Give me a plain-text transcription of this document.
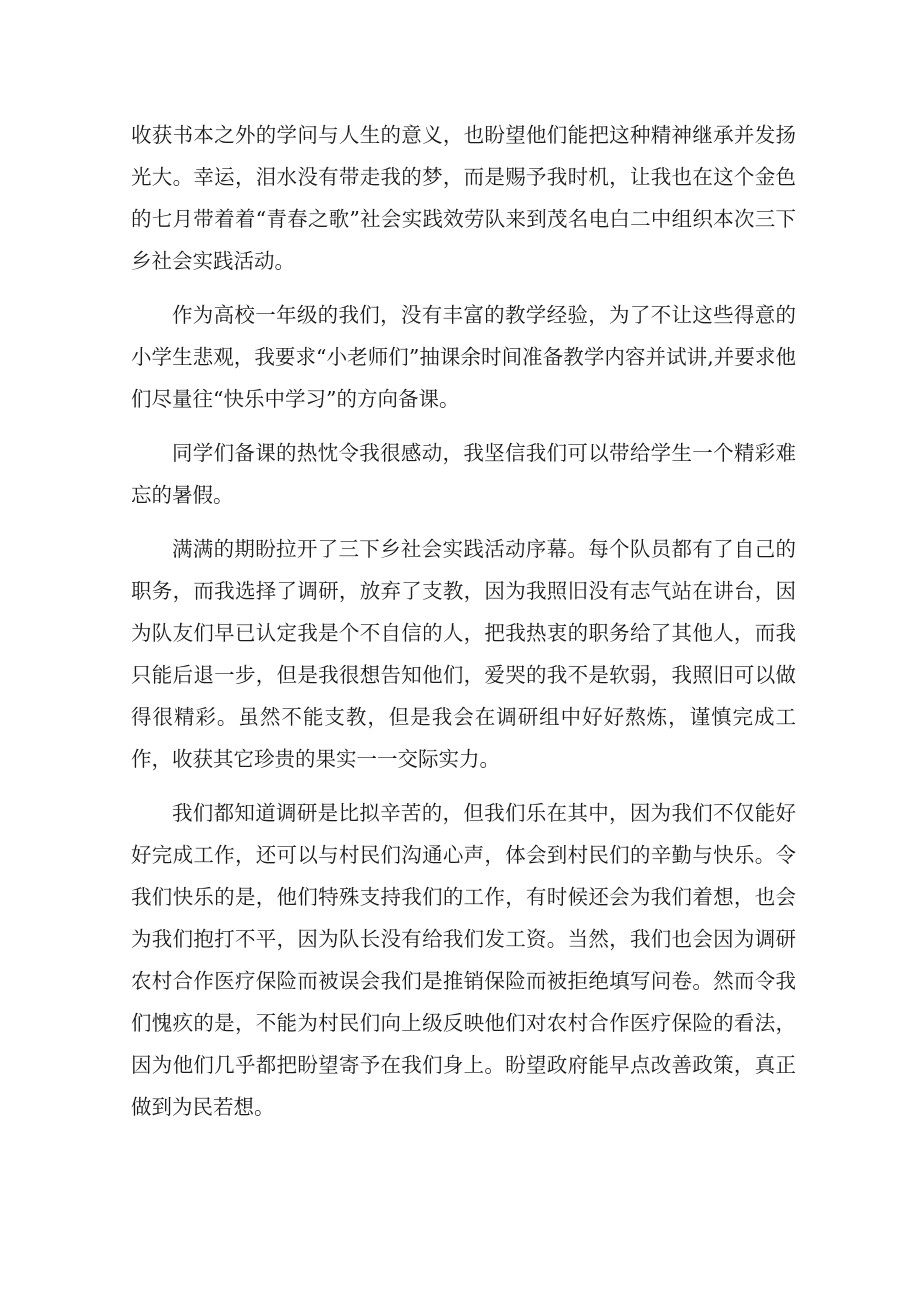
收获书本之外的学问与人生的意义，也盼望他们能把这种精神继承并发扬光大。幸运，泪水没有带走我的梦，而是赐予我时机，让我也在这个金色的七月带着着“青春之歌”社会实践效劳队来到茂名电白二中组织本次三下乡社会实践活动。

作为高校一年级的我们，没有丰富的教学经验，为了不让这些得意的小学生悲观，我要求“小老师们”抽课余时间准备教学内容并试讲,并要求他们尽量往“快乐中学习”的方向备课。

同学们备课的热忱令我很感动，我坚信我们可以带给学生一个精彩难忘的暑假。

满满的期盼拉开了三下乡社会实践活动序幕。每个队员都有了自己的职务，而我选择了调研，放弃了支教，因为我照旧没有志气站在讲台，因为队友们早已认定我是个不自信的人，把我热衷的职务给了其他人，而我只能后退一步，但是我很想告知他们，爱哭的我不是软弱，我照旧可以做得很精彩。虽然不能支教，但是我会在调研组中好好熬炼，谨慎完成工作，收获其它珍贵的果实一一交际实力。

我们都知道调研是比拟辛苦的，但我们乐在其中，因为我们不仅能好好完成工作，还可以与村民们沟通心声，体会到村民们的辛勤与快乐。令我们快乐的是，他们特殊支持我们的工作，有时候还会为我们着想，也会为我们抱打不平，因为队长没有给我们发工资。当然，我们也会因为调研农村合作医疗保险而被误会我们是推销保险而被拒绝填写问卷。然而令我们愧疚的是，不能为村民们向上级反映他们对农村合作医疗保险的看法，因为他们几乎都把盼望寄予在我们身上。盼望政府能早点改善政策，真正做到为民若想。
